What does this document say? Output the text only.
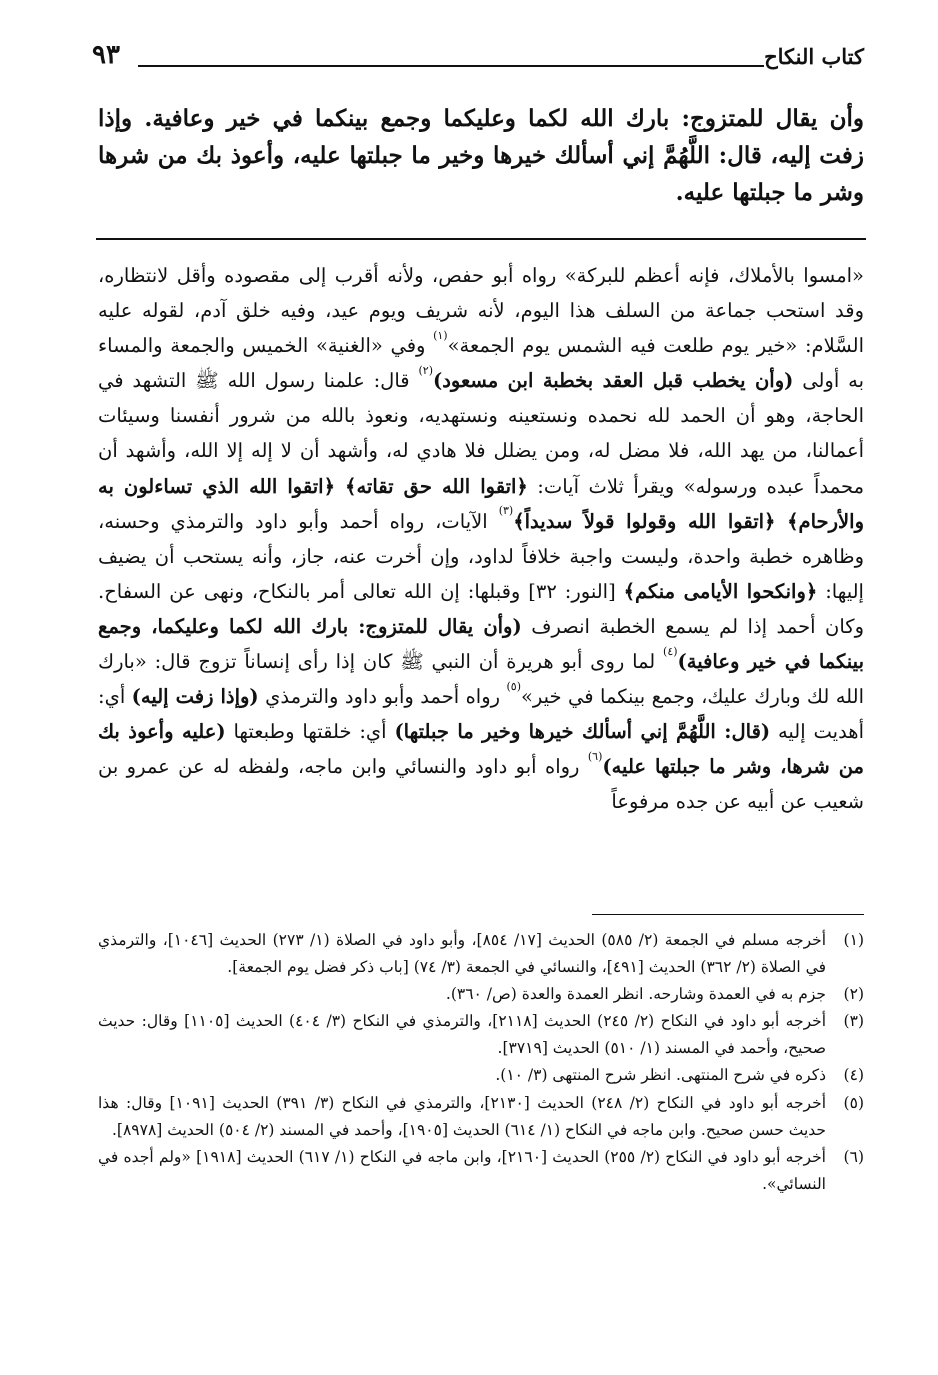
كتاب النكاح
٩٣

وأن يقال للمتزوج: بارك الله لكما وعليكما وجمع بينكما في خير وعافية. وإذا زفت إليه، قال: اللَّهُمَّ إني أسألك خيرها وخير ما جبلتها عليه، وأعوذ بك من شرها وشر ما جبلتها عليه.

«امسوا بالأملاك، فإنه أعظم للبركة» رواه أبو حفص، ولأنه أقرب إلى مقصوده وأقل لانتظاره، وقد استحب جماعة من السلف هذا اليوم، لأنه شريف ويوم عيد، وفيه خلق آدم، لقوله عليه السَّلام: «خير يوم طلعت فيه الشمس يوم الجمعة»$^{(١)}$ وفي «الغنية» الخميس والجمعة والمساء به أولى (وأن يخطب قبل العقد بخطبة ابن مسعود)$^{(٢)}$ قال: علمنا رسول الله ﷺ التشهد في الحاجة، وهو أن الحمد لله نحمده ونستعينه ونستهديه، ونعوذ بالله من شرور أنفسنا وسيئات أعمالنا، من يهد الله، فلا مضل له، ومن يضلل فلا هادي له، وأشهد أن لا إله إلا الله، وأشهد أن محمداً عبده ورسوله» ويقرأ ثلاث آيات: ﴿اتقوا الله حق تقاته﴾ ﴿اتقوا الله الذي تساءلون به والأرحام﴾ ﴿اتقوا الله وقولوا قولاً سديداً﴾$^{(٣)}$ الآيات، رواه أحمد وأبو داود والترمذي وحسنه، وظاهره خطبة واحدة، وليست واجبة خلافاً لداود، وإن أخرت عنه، جاز، وأنه يستحب أن يضيف إليها: ﴿وانكحوا الأيامى منكم﴾ [النور: ٣٢] وقبلها: إن الله تعالى أمر بالنكاح، ونهى عن السفاح. وكان أحمد إذا لم يسمع الخطبة انصرف (وأن يقال للمتزوج: بارك الله لكما وعليكما، وجمع بينكما في خير وعافية)$^{(٤)}$ لما روى أبو هريرة أن النبي ﷺ كان إذا رأى إنساناً تزوج قال: «بارك الله لك وبارك عليك، وجمع بينكما في خير»$^{(٥)}$ رواه أحمد وأبو داود والترمذي (وإذا زفت إليه) أي: أهديت إليه (قال: اللَّهُمَّ إني أسألك خيرها وخير ما جبلتها) أي: خلقتها وطبعتها (عليه وأعوذ بك من شرها، وشر ما جبلتها عليه)$^{(٦)}$ رواه أبو داود والنسائي وابن ماجه، ولفظه له عن عمرو بن شعيب عن أبيه عن جده مرفوعاً

(١)
أخرجه مسلم في الجمعة (٢/ ٥٨٥) الحديث [١٧/ ٨٥٤]، وأبو داود في الصلاة (١/ ٢٧٣) الحديث [١٠٤٦]، والترمذي في الصلاة (٢/ ٣٦٢) الحديث [٤٩١]، والنسائي في الجمعة (٣/ ٧٤) [باب ذكر فضل يوم الجمعة].
(٢)
جزم به في العمدة وشارحه. انظر العمدة والعدة (ص/ ٣٦٠).
(٣)
أخرجه أبو داود في النكاح (٢/ ٢٤٥) الحديث [٢١١٨]، والترمذي في النكاح (٣/ ٤٠٤) الحديث [١١٠٥] وقال: حديث صحيح، وأحمد في المسند (١/ ٥١٠) الحديث [٣٧١٩].
(٤)
ذكره في شرح المنتهى. انظر شرح المنتهى (٣/ ١٠).
(٥)
أخرجه أبو داود في النكاح (٢/ ٢٤٨) الحديث [٢١٣٠]، والترمذي في النكاح (٣/ ٣٩١) الحديث [١٠٩١] وقال: هذا حديث حسن صحيح. وابن ماجه في النكاح (١/ ٦١٤) الحديث [١٩٠٥]، وأحمد في المسند (٢/ ٥٠٤) الحديث [٨٩٧٨].
(٦)
أخرجه أبو داود في النكاح (٢/ ٢٥٥) الحديث [٢١٦٠]، وابن ماجه في النكاح (١/ ٦١٧) الحديث [١٩١٨] «ولم أجده في النسائي».
